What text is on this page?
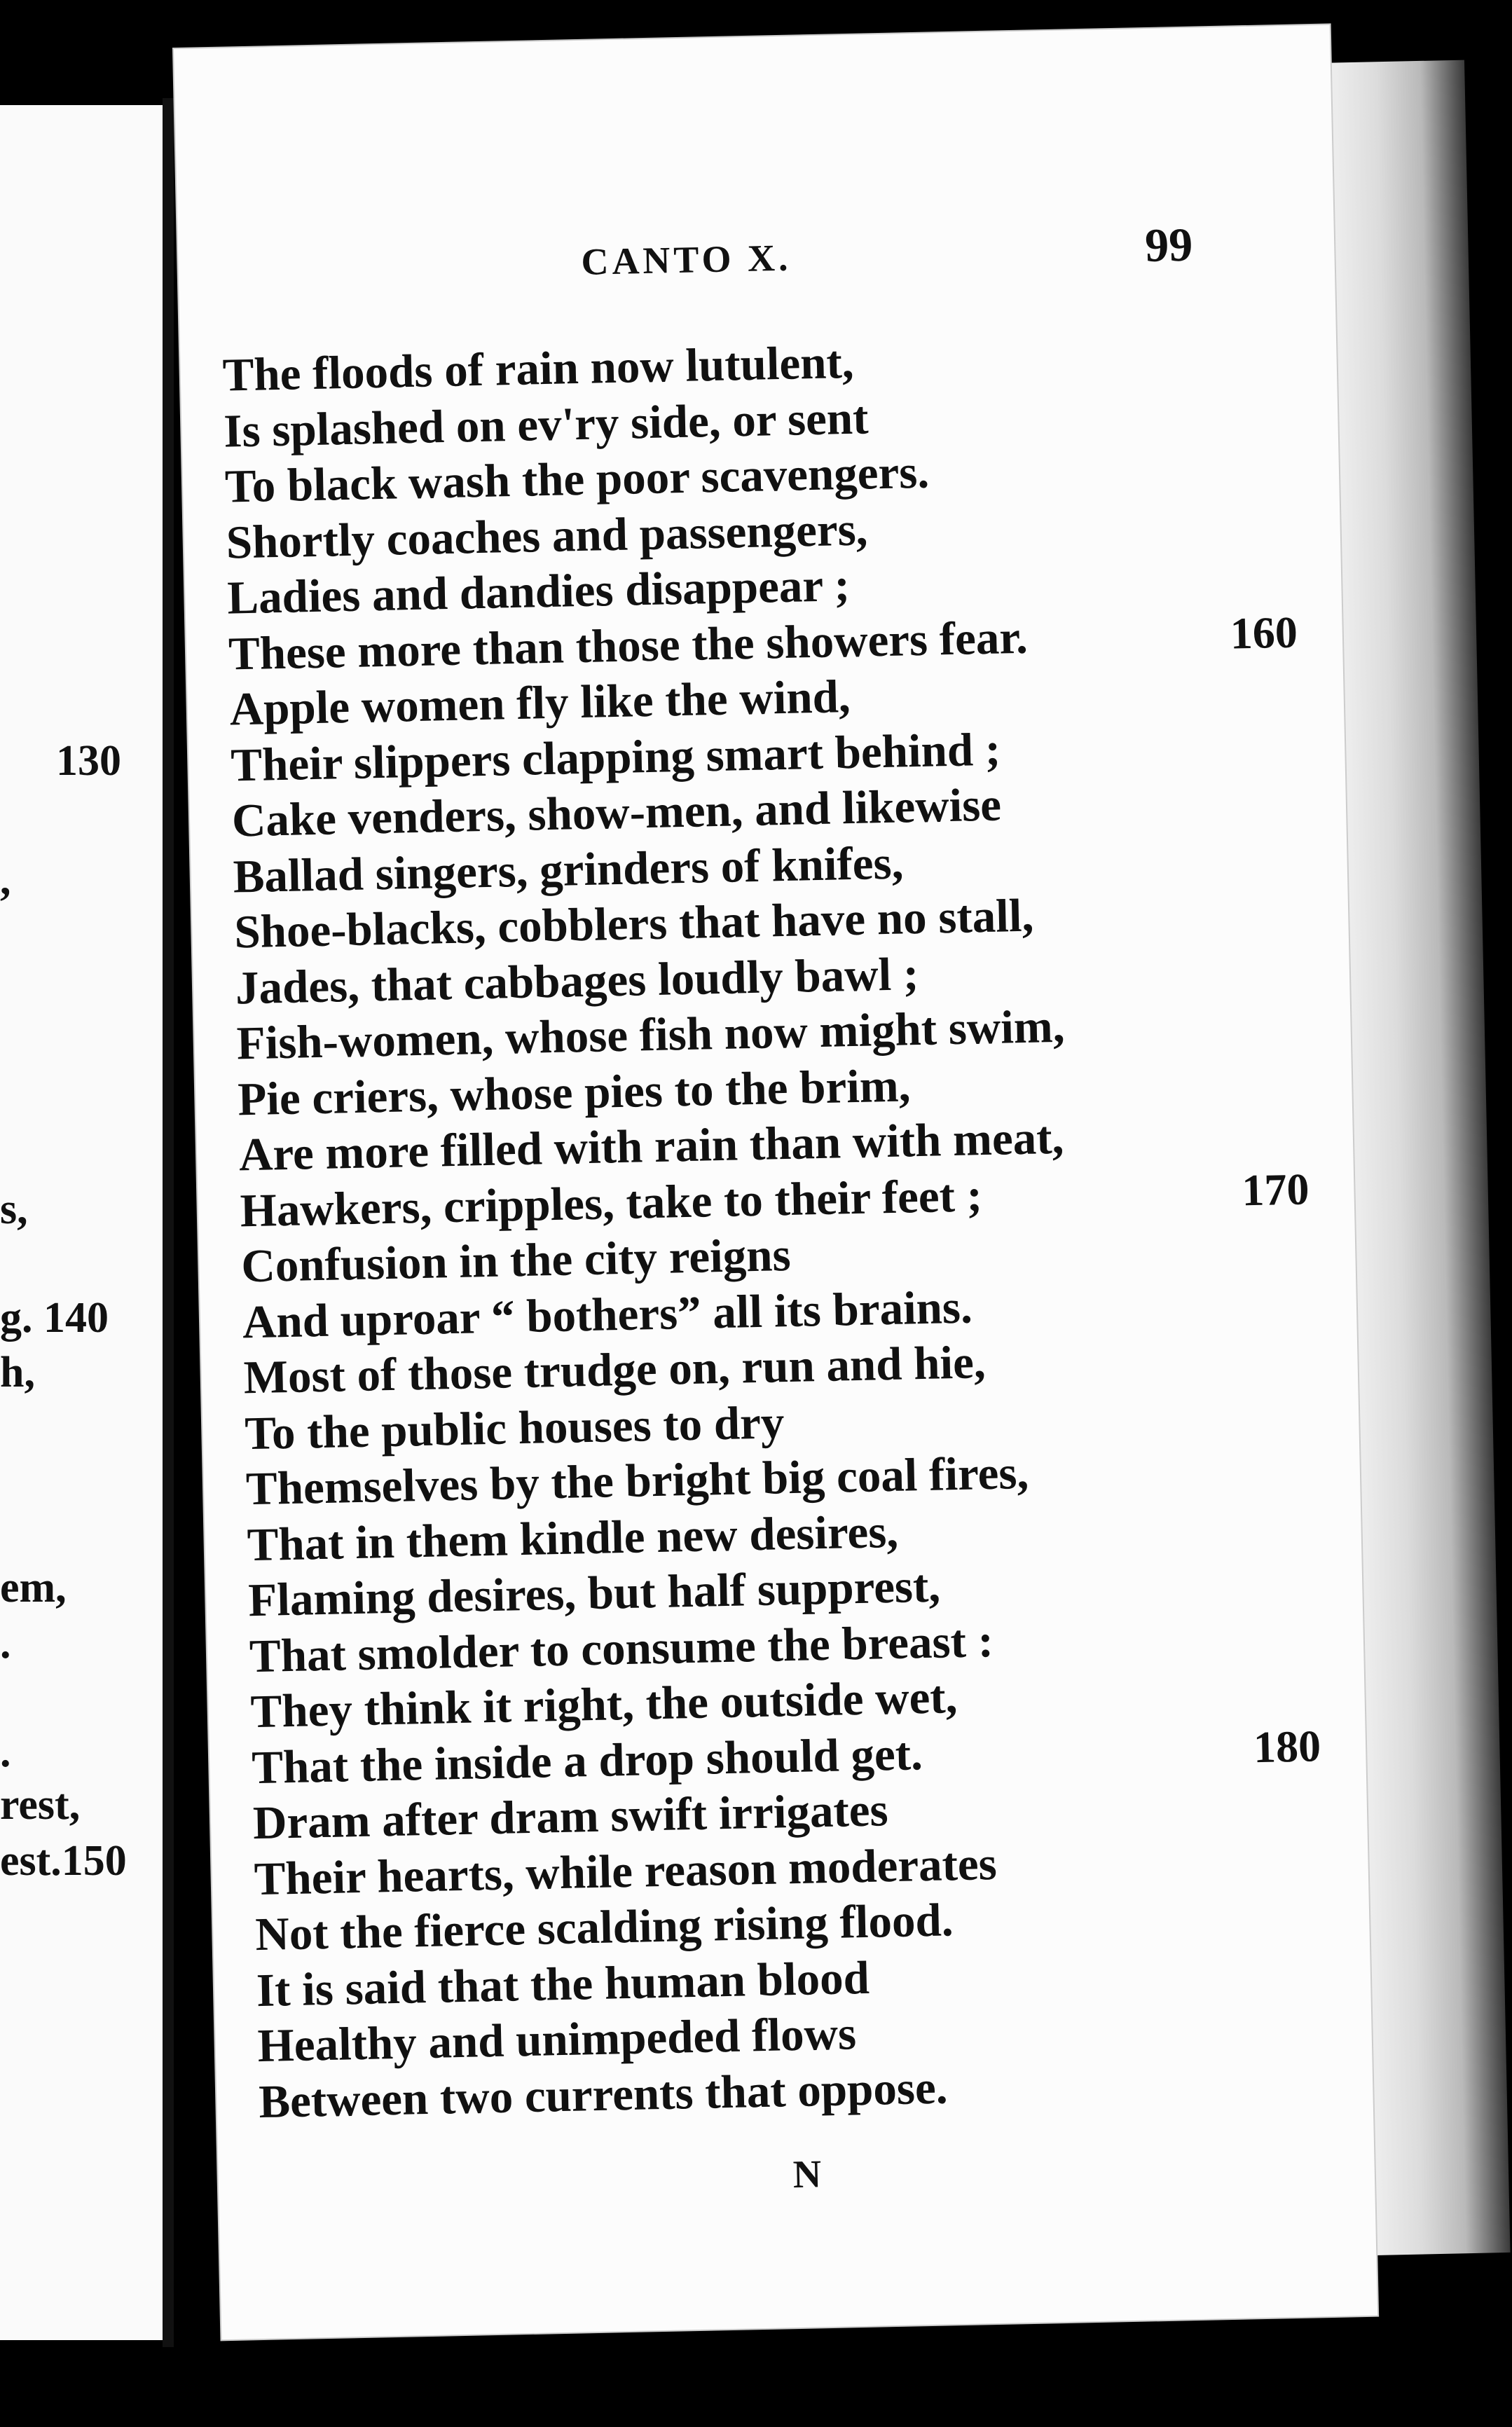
130
,
s,
g. 140
h,
em,
.
.
rest,
est.150
CANTO X.	99
The floods of rain now lutulent,
Is splashed on ev'ry side, or sent
To black wash the poor scavengers.
Shortly coaches and passengers,
Ladies and dandies disappear ;
These more than those the showers fear.	160
Apple women fly like the wind,
Their slippers clapping smart behind ;
Cake venders, show-men, and likewise
Ballad singers, grinders of knifes,
Shoe-blacks, cobblers that have no stall,
Jades, that cabbages loudly bawl ;
Fish-women, whose fish now might swim,
Pie criers, whose pies to the brim,
Are more filled with rain than with meat,
Hawkers, cripples, take to their feet ;	170
Confusion in the city reigns
And uproar “ bothers” all its brains.
Most of those trudge on, run and hie,
To the public houses to dry
Themselves by the bright big coal fires,
That in them kindle new desires,
Flaming desires, but half supprest,
That smolder to consume the breast :
They think it right, the outside wet,
That the inside a drop should get.	180
Dram after dram swift irrigates
Their hearts, while reason moderates
Not the fierce scalding rising flood.
It is said that the human blood
Healthy and unimpeded flows
Between two currents that oppose.
N
